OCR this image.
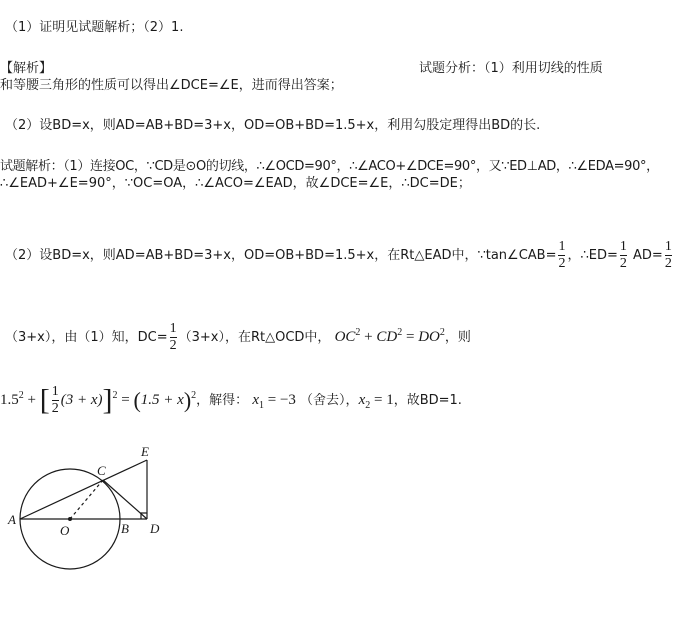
（1）证明见试题解析；（2）1.
【解析】	试题分析：（1）利用切线的性质
和等腰三角形的性质可以得出∠DCE=∠E，进而得出答案；
（2）设BD=x，则AD=AB+BD=3+x，OD=OB+BD=1.5+x，利用勾股定理得出BD的长.
试题解析：（1）连接OC，∵CD是⊙O的切线，∴∠OCD=90°，∴∠ACO+∠DCE=90°，又∵ED⊥AD，∴∠EDA=90°，
∴∠EAD+∠E=90°，∵OC=OA，∴∠ACO=∠EAD，故∠DCE=∠E，∴DC=DE；
（2）设BD=x，则AD=AB+BD=3+x，OD=OB+BD=1.5+x，在Rt△EAD中，∵tan∠CAB= $\frac{1}{2}$ ，∴ED= $\frac{1}{2} AD= \frac{1}{2}$
（3+x），由（1）知，$DC= \frac{1}{2} (3+x)$，在Rt△OCD中， $OC^2 + CD^2 = DO^2$，则
$1.5^2$ + [ $\frac{1}{2} (3 + x)]^2 = (1.5 + x)^2$，解得： $x_1 = -3$ （舍去），$x_2 = 1$，故BD=1.
A
O	B
C
D
E
